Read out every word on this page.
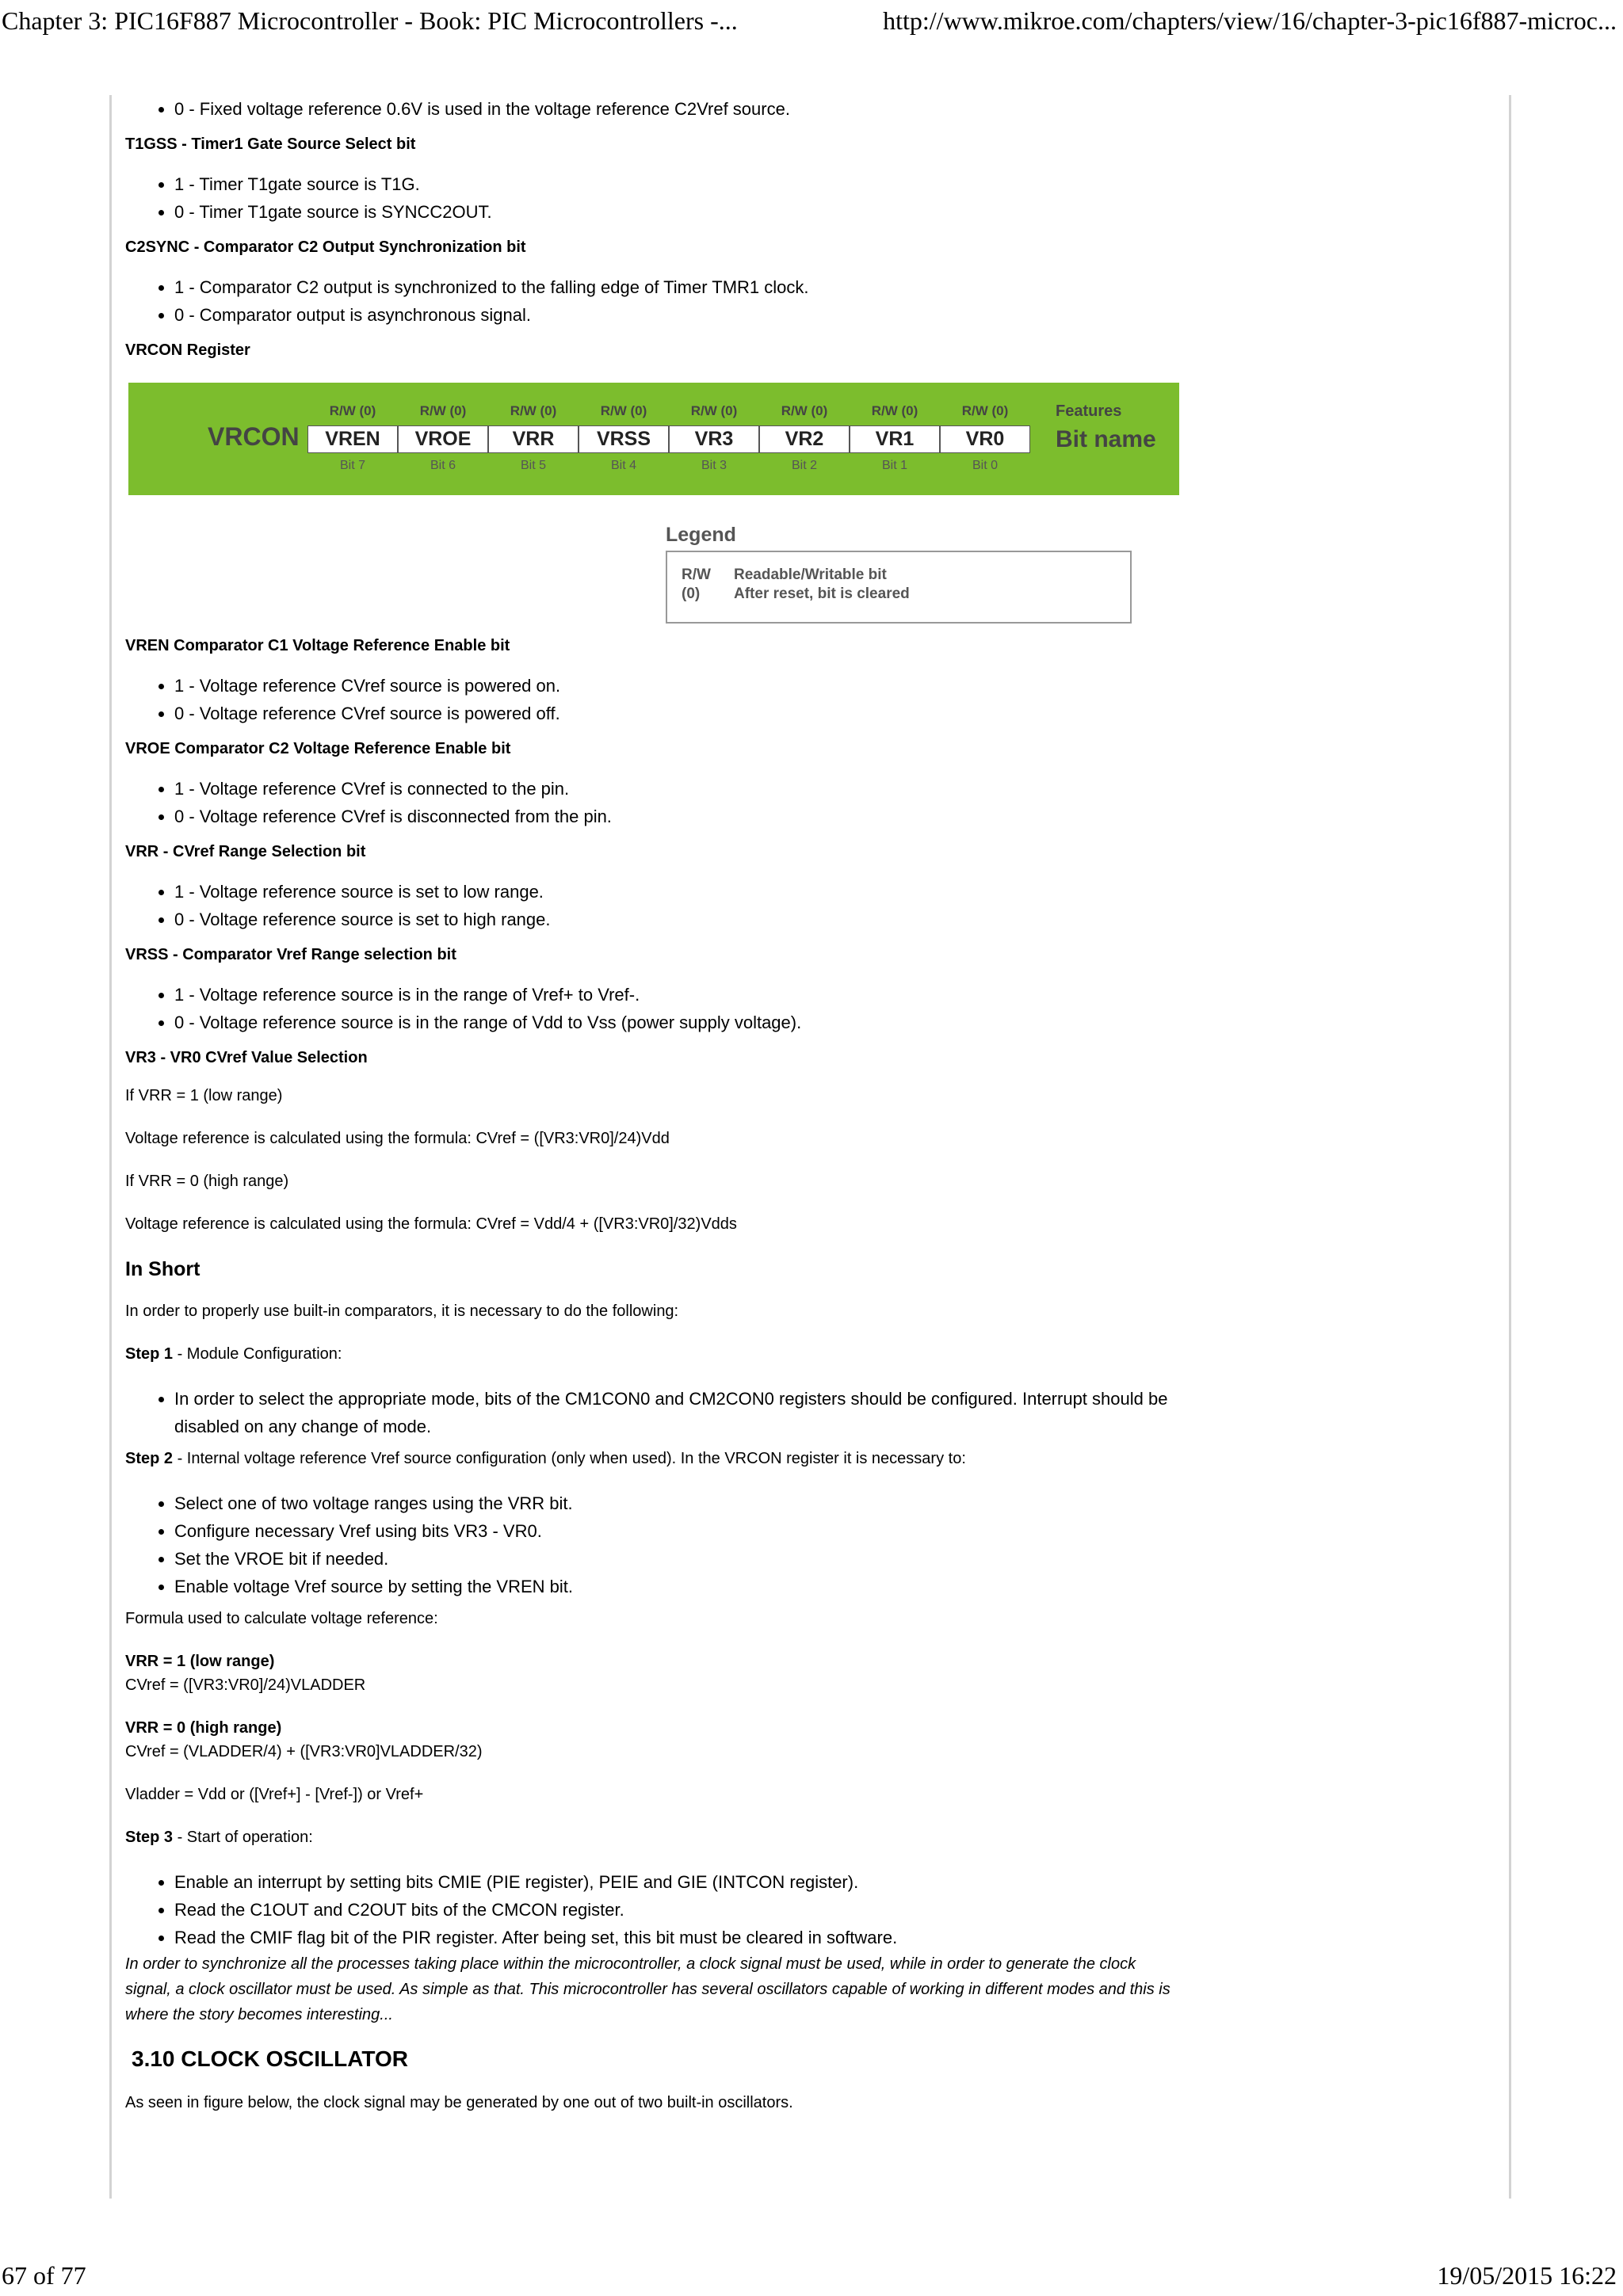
Chapter 3: PIC16F887 Microcontroller - Book: PIC Microcontrollers -...	http://www.mikroe.com/chapters/view/16/chapter-3-pic16f887-microc...
• 0 - Fixed voltage reference 0.6V is used in the voltage reference C2Vref source.
T1GSS - Timer1 Gate Source Select bit
• 1 - Timer T1gate source is T1G.
• 0 - Timer T1gate source is SYNCC2OUT.
C2SYNC - Comparator C2 Output Synchronization bit
• 1 - Comparator C2 output is synchronized to the falling edge of Timer TMR1 clock.
• 0 - Comparator output is asynchronous signal.
VRCON Register
VRCON
R/W (0)
VREN
Bit 7
R/W (0)
VROE
Bit 6
R/W (0)
VRR
Bit 5
R/W (0)
VRSS
Bit 4
R/W (0)
VR3
Bit 3
R/W (0)
VR2
Bit 2
R/W (0)
VR1
Bit 1
R/W (0)
VR0
Bit 0
Features
Bit name
Legend
R/W Readable/Writable bit
(0) After reset, bit is cleared
VREN Comparator C1 Voltage Reference Enable bit
• 1 - Voltage reference CVref source is powered on.
• 0 - Voltage reference CVref source is powered off.
VROE Comparator C2 Voltage Reference Enable bit
• 1 - Voltage reference CVref is connected to the pin.
• 0 - Voltage reference CVref is disconnected from the pin.
VRR - CVref Range Selection bit
• 1 - Voltage reference source is set to low range.
• 0 - Voltage reference source is set to high range.
VRSS - Comparator Vref Range selection bit
• 1 - Voltage reference source is in the range of Vref+ to Vref-.
• 0 - Voltage reference source is in the range of Vdd to Vss (power supply voltage).
VR3 - VR0 CVref Value Selection

If VRR = 1 (low range)

Voltage reference is calculated using the formula: CVref = ([VR3:VR0]/24)Vdd

If VRR = 0 (high range)

Voltage reference is calculated using the formula: CVref = Vdd/4 + ([VR3:VR0]/32)Vdds

In Short

In order to properly use built-in comparators, it is necessary to do the following:

Step 1 - Module Configuration:

• In order to select the appropriate mode, bits of the CM1CON0 and CM2CON0 registers should be configured. Interrupt should be disabled on any change of mode.

Step 2 - Internal voltage reference Vref source configuration (only when used). In the VRCON register it is necessary to:

• Select one of two voltage ranges using the VRR bit.
• Configure necessary Vref using bits VR3 - VR0.
• Set the VROE bit if needed.
• Enable voltage Vref source by setting the VREN bit.

Formula used to calculate voltage reference:

VRR = 1 (low range)
CVref = ([VR3:VR0]/24)VLADDER
VRR = 0 (high range)
CVref = (VLADDER/4) + ([VR3:VR0]VLADDER/32)

Vladder = Vdd or ([Vref+] - [Vref-]) or Vref+

Step 3 - Start of operation:

• Enable an interrupt by setting bits CMIE (PIE register), PEIE and GIE (INTCON register).
• Read the C1OUT and C2OUT bits of the CMCON register.
• Read the CMIF flag bit of the PIR register. After being set, this bit must be cleared in software.

In order to synchronize all the processes taking place within the microcontroller, a clock signal must be used, while in order to generate the clock signal, a clock oscillator must be used. As simple as that. This microcontroller has several oscillators capable of working in different modes and this is where the story becomes interesting...

3.10 CLOCK OSCILLATOR

As seen in figure below, the clock signal may be generated by one out of two built-in oscillators.

67 of 77	19/05/2015 16:22
